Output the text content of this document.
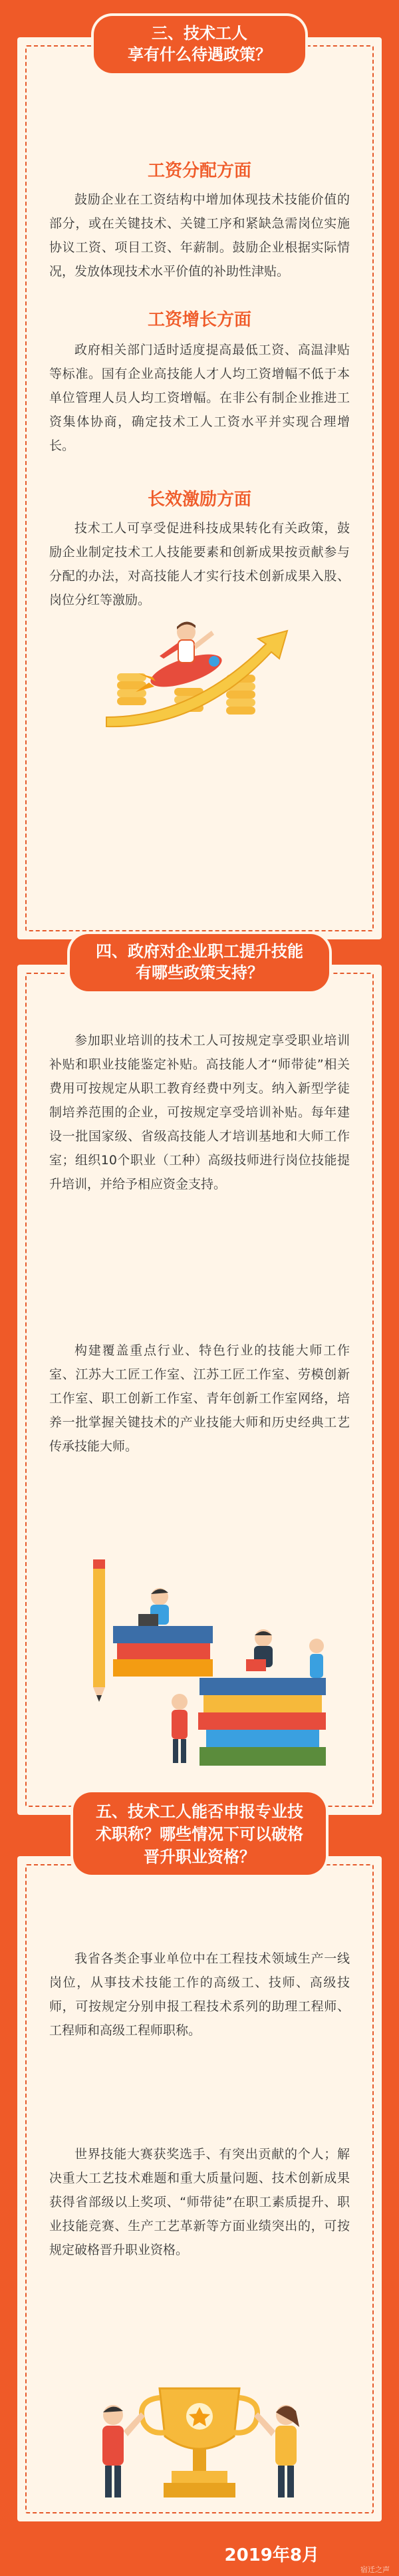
工资分配方面

鼓励企业在工资结构中增加体现技术技能价值的部分，或在关键技术、关键工序和紧缺急需岗位实施协议工资、项目工资、年薪制。鼓励企业根据实际情况，发放体现技术水平价值的补助性津贴。

工资增长方面

政府相关部门适时适度提高最低工资、高温津贴等标准。国有企业高技能人才人均工资增幅不低于本单位管理人员人均工资增幅。在非公有制企业推进工资集体协商，确定技术工人工资水平并实现合理增长。

长效激励方面

技术工人可享受促进科技成果转化有关政策，鼓励企业制定技术工人技能要素和创新成果按贡献参与分配的办法，对高技能人才实行技术创新成果入股、岗位分红等激励。

三、技术工人
享有什么待遇政策？

参加职业培训的技术工人可按规定享受职业培训补贴和职业技能鉴定补贴。高技能人才“师带徒”相关费用可按规定从职工教育经费中列支。纳入新型学徒制培养范围的企业，可按规定享受培训补贴。每年建设一批国家级、省级高技能人才培训基地和大师工作室；组织10个职业（工种）高级技师进行岗位技能提升培训，并给予相应资金支持。

构建覆盖重点行业、特色行业的技能大师工作室、江苏大工匠工作室、江苏工匠工作室、劳模创新工作室、职工创新工作室、青年创新工作室网络，培养一批掌握关键技术的产业技能大师和历史经典工艺传承技能大师。

四、政府对企业职工提升技能
有哪些政策支持？

我省各类企事业单位中在工程技术领域生产一线岗位，从事技术技能工作的高级工、技师、高级技师，可按规定分别申报工程技术系列的助理工程师、工程师和高级工程师职称。

世界技能大赛获奖选手、有突出贡献的个人；解决重大工艺技术难题和重大质量问题、技术创新成果获得省部级以上奖项、“师带徒”在职工素质提升、职业技能竞赛、生产工艺革新等方面业绩突出的，可按规定破格晋升职业资格。

五、技术工人能否申报专业技
术职称？哪些情况下可以破格
晋升职业资格？
2019年8月
宿迁之声
